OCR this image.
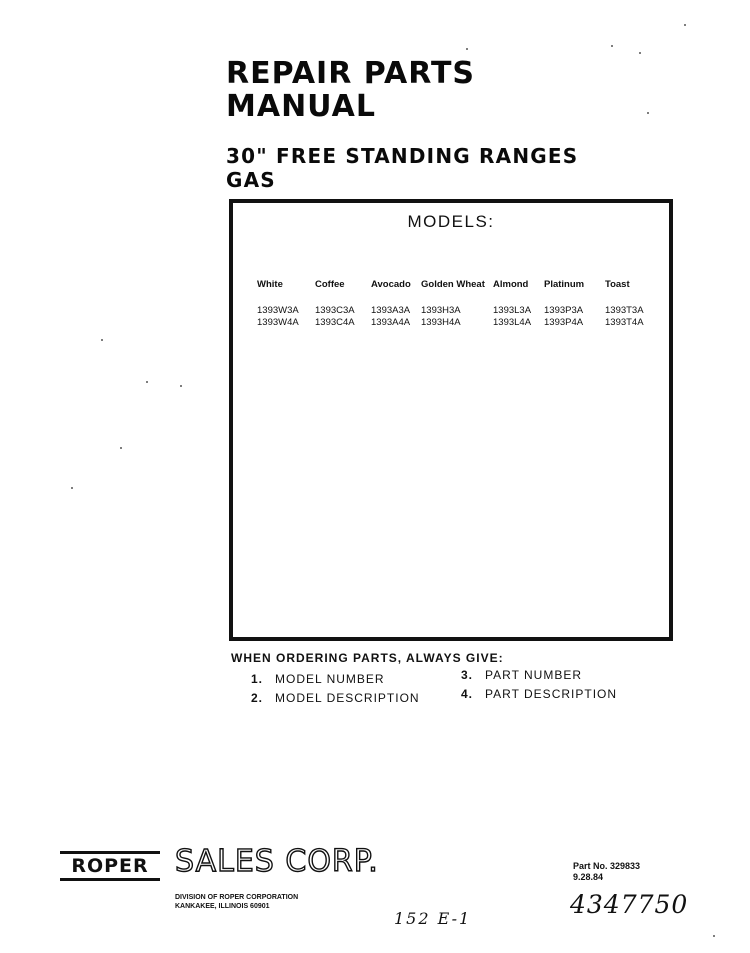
REPAIR PARTS
MANUAL
30" FREE STANDING RANGES
GAS
MODELS:
White
1393W3A
1393W4A
Coffee
1393C3A
1393C4A
Avocado
1393A3A
1393A4A
Golden Wheat
1393H3A
1393H4A
Almond
1393L3A
1393L4A
Platinum
1393P3A
1393P4A
Toast
1393T3A
1393T4A
WHEN ORDERING PARTS, ALWAYS GIVE:
1. MODEL NUMBER
2. MODEL DESCRIPTION
3. PART NUMBER
4. PART DESCRIPTION
ROPER SALES CORP.
DIVISION OF ROPER CORPORATION
KANKAKEE, ILLINOIS 60901
Part No. 329833
9.28.84
4347750
152 E-1
